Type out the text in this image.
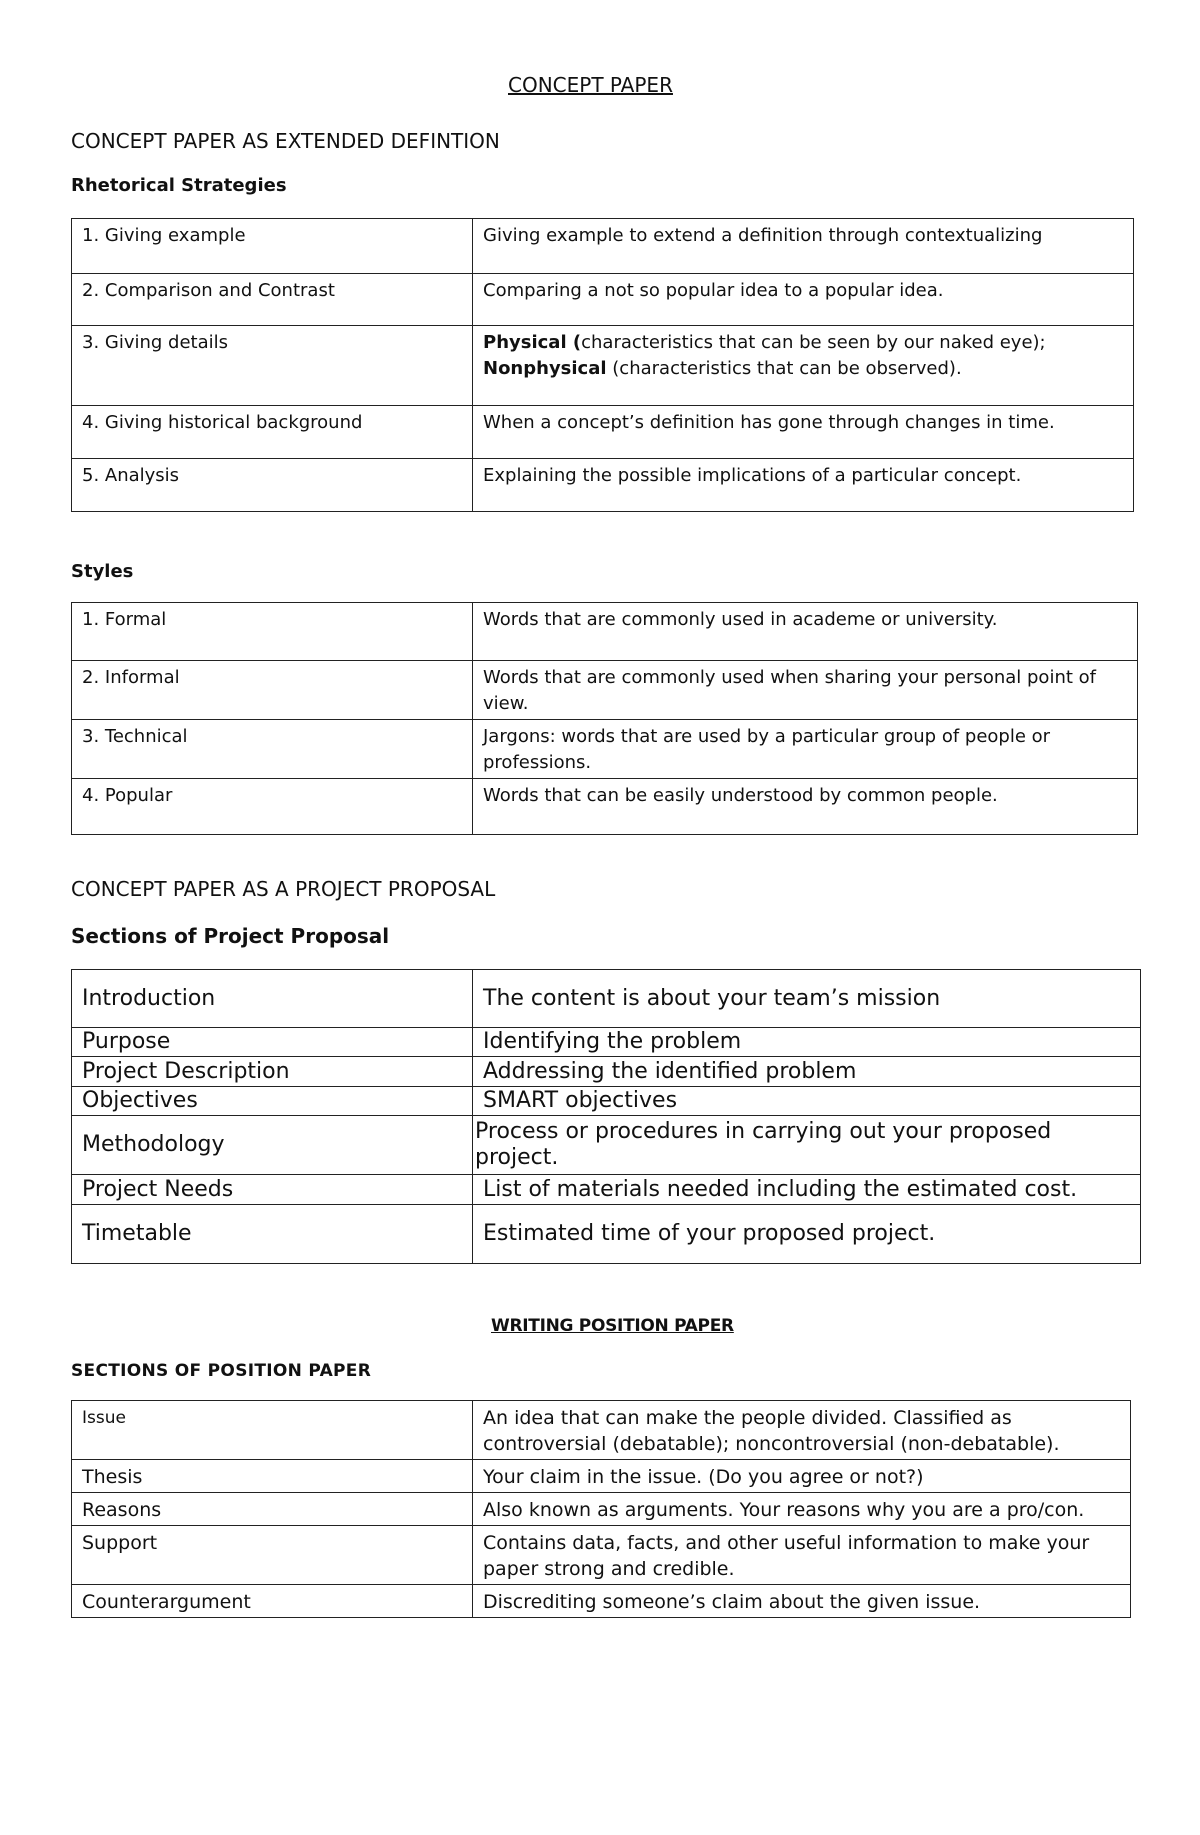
CONCEPT PAPER
CONCEPT PAPER AS EXTENDED DEFINTION
Rhetorical Strategies
1. Giving example	Giving example to extend a definition through contextualizing
2. Comparison and Contrast	Comparing a not so popular idea to a popular idea.
3. Giving details	Physical (characteristics that can be seen by our naked eye);
Nonphysical (characteristics that can be observed).
4. Giving historical background	When a concept’s definition has gone through changes in time.
5. Analysis	Explaining the possible implications of a particular concept.
Styles
1. Formal	Words that are commonly used in academe or university.
2. Informal	Words that are commonly used when sharing your personal point of view.
3. Technical	Jargons: words that are used by a particular group of people or professions.
4. Popular	Words that can be easily understood by common people.
CONCEPT PAPER AS A PROJECT PROPOSAL
Sections of Project Proposal
Introduction	The content is about your team’s mission
Purpose	Identifying the problem
Project Description	Addressing the identified problem
Objectives	SMART objectives
Methodology	Process or procedures in carrying out your proposed project.
Project Needs	List of materials needed including the estimated cost.
Timetable	Estimated time of your proposed project.
WRITING POSITION PAPER
SECTIONS OF POSITION PAPER
Issue	An idea that can make the people divided. Classified as controversial (debatable); noncontroversial (non-debatable).
Thesis	Your claim in the issue. (Do you agree or not?)
Reasons	Also known as arguments. Your reasons why you are a pro/con.
Support	Contains data, facts, and other useful information to make your paper strong and credible.
Counterargument	Discrediting someone’s claim about the given issue.
